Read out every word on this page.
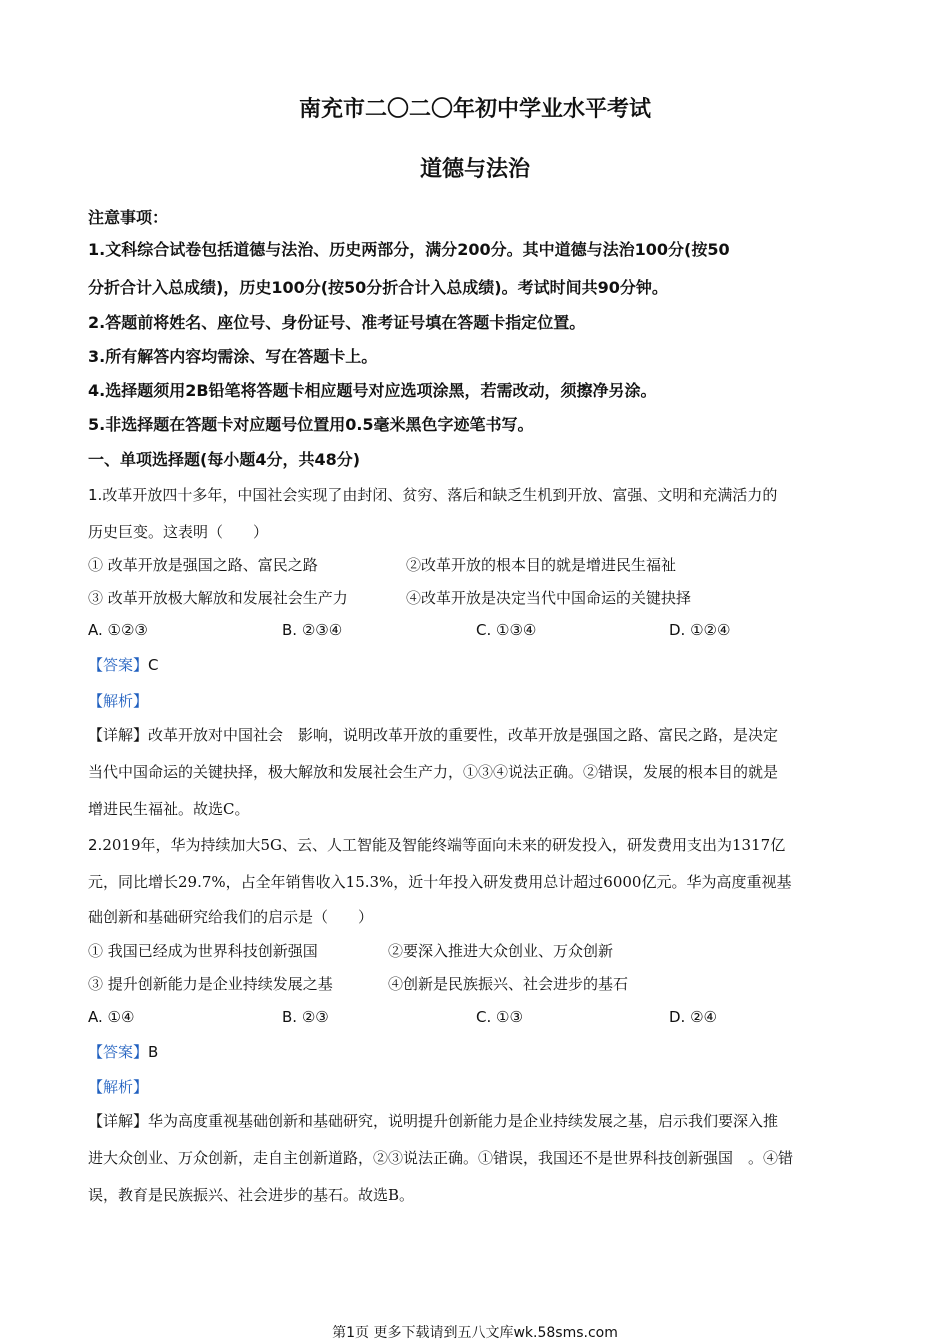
南充市二〇二〇年初中学业水平考试
道德与法治
注意事项：
1.文科综合试卷包括道德与法治、历史两部分，满分200分。其中道德与法治100分(按50
分折合计入总成绩)，历史100分(按50分折合计入总成绩)。考试时间共90分钟。
2.答题前将姓名、座位号、身份证号、准考证号填在答题卡指定位置。
3.所有解答内容均需涂、写在答题卡上。
4.选择题须用2B铅笔将答题卡相应题号对应选项涂黑，若需改动，须擦净另涂。
5.非选择题在答题卡对应题号位置用0.5毫米黑色字迹笔书写。
一、单项选择题(每小题4分，共48分)
1.改革开放四十多年，中国社会实现了由封闭、贫穷、落后和缺乏生机到开放、富强、文明和充满活力的
历史巨变。这表明（　　）
① 改革开放是强国之路、富民之路	②改革开放的根本目的就是增进民生福祉
③ 改革开放极大解放和发展社会生产力	④改革开放是决定当代中国命运的关键抉择
A. ①②③	B. ②③④	C. ①③④	D. ①②④
【答案】C
【解析】
【详解】改革开放对中国社会　影响，说明改革开放的重要性，改革开放是强国之路、富民之路，是决定
当代中国命运的关键抉择，极大解放和发展社会生产力，①③④说法正确。②错误，发展的根本目的就是
增进民生福祉。故选C。
2.2019年，华为持续加大5G、云、人工智能及智能终端等面向未来的研发投入，研发费用支出为1317亿
元，同比增长29.7%，占全年销售收入15.3%，近十年投入研发费用总计超过6000亿元。华为高度重视基
础创新和基础研究给我们的启示是（　　）
① 我国已经成为世界科技创新强国	②要深入推进大众创业、万众创新
③ 提升创新能力是企业持续发展之基	④创新是民族振兴、社会进步的基石
A. ①④	B. ②③	C. ①③	D. ②④
【答案】B
【解析】
【详解】华为高度重视基础创新和基础研究，说明提升创新能力是企业持续发展之基，启示我们要深入推
进大众创业、万众创新，走自主创新道路，②③说法正确。①错误，我国还不是世界科技创新强国　。④错
误，教育是民族振兴、社会进步的基石。故选B。
第1页 更多下载请到五八文库wk.58sms.com
